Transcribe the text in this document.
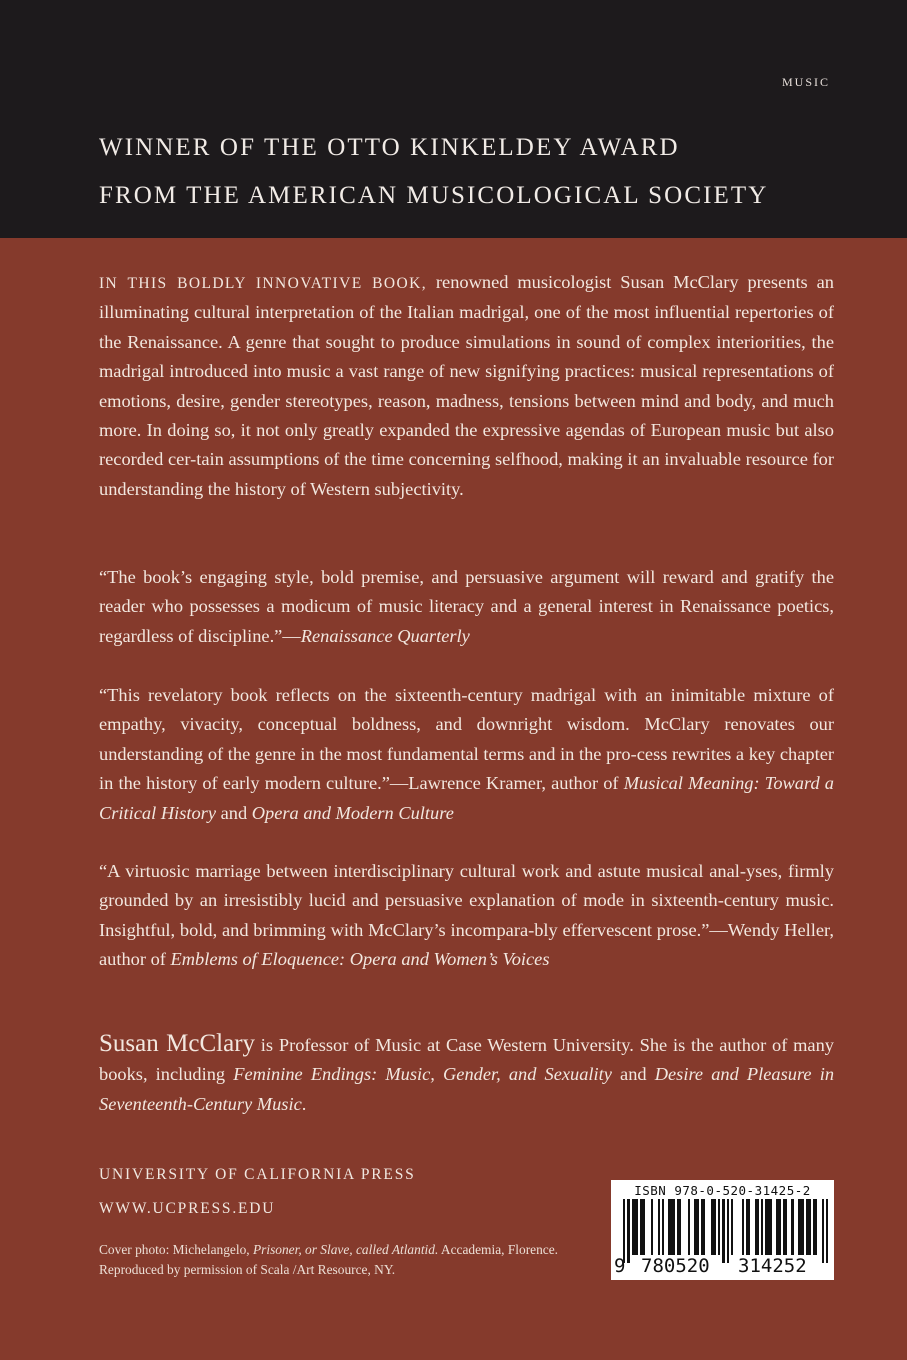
MUSIC
WINNER OF THE OTTO KINKELDEY AWARD
FROM THE AMERICAN MUSICOLOGICAL SOCIETY

IN THIS BOLDLY INNOVATIVE BOOK, renowned musicologist Susan McClary presents an illuminating cultural interpretation of the Italian madrigal, one of the most influential repertories of the Renaissance. A genre that sought to produce simulations in sound of complex interiorities, the madrigal introduced into music a vast range of new signifying practices: musical representations of emotions, desire, gender stereotypes, reason, madness, tensions between mind and body, and much more. In doing so, it not only greatly expanded the expressive agendas of European music but also recorded cer-tain assumptions of the time concerning selfhood, making it an invaluable resource for understanding the history of Western subjectivity.

“The book’s engaging style, bold premise, and persuasive argument will reward and gratify the reader who possesses a modicum of music literacy and a general interest in Renaissance poetics, regardless of discipline.”—Renaissance Quarterly

“This revelatory book reflects on the sixteenth-century madrigal with an inimitable mixture of empathy, vivacity, conceptual boldness, and downright wisdom. McClary renovates our understanding of the genre in the most fundamental terms and in the pro-cess rewrites a key chapter in the history of early modern culture.”—Lawrence Kramer, author of Musical Meaning: Toward a Critical History and Opera and Modern Culture

“A virtuosic marriage between interdisciplinary cultural work and astute musical anal-yses, firmly grounded by an irresistibly lucid and persuasive explanation of mode in sixteenth-century music. Insightful, bold, and brimming with McClary’s incompara-bly effervescent prose.”—Wendy Heller, author of Emblems of Eloquence: Opera and Women’s Voices

Susan McClary is Professor of Music at Case Western University. She is the author of many books, including Feminine Endings: Music, Gender, and Sexuality and Desire and Pleasure in Seventeenth-Century Music.

UNIVERSITY OF CALIFORNIA PRESS
WWW.UCPRESS.EDU
Cover photo: Michelangelo, Prisoner, or Slave, called Atlantid. Accademia, Florence. Reproduced by permission of Scala /Art Resource, NY.
ISBN 978-0-520-31425-2
9 780520 314252
